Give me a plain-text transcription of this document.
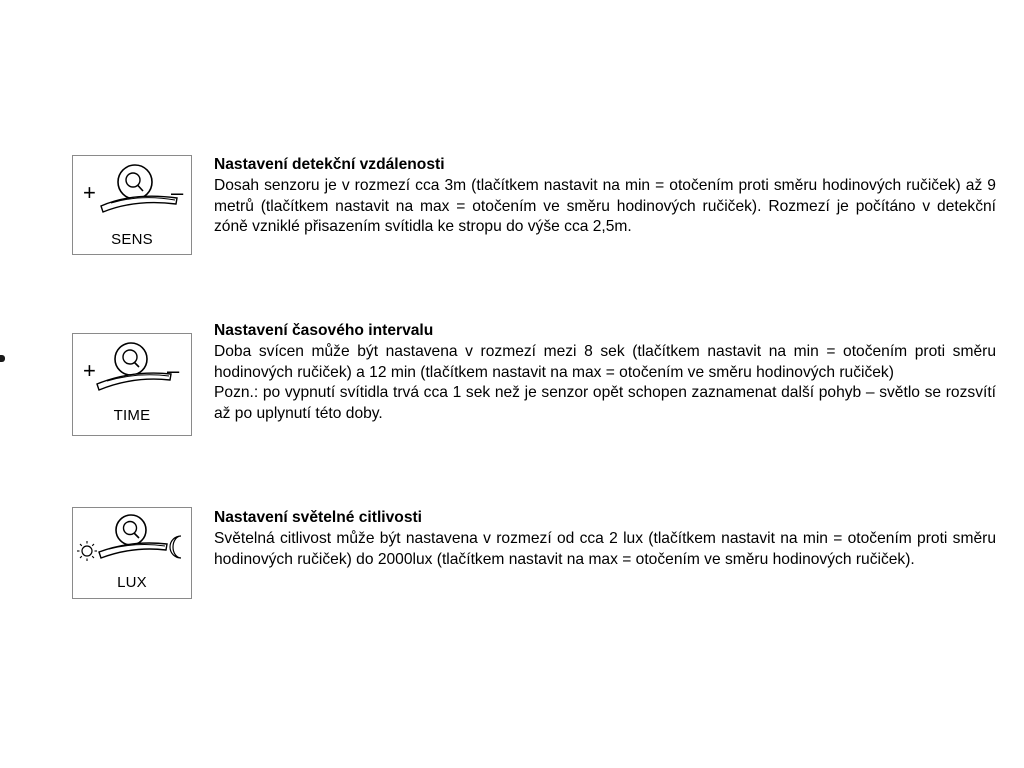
+	–
SENS

Nastavení detekční vzdálenosti

Dosah senzoru je v rozmezí cca 3m (tlačítkem nastavit na min = otočením proti směru hodinových ručiček) až 9 metrů (tlačítkem nastavit na max = otočením ve směru hodinových ručiček). Rozmezí je počítáno v detekční zóně vzniklé přisazením svítidla ke stropu do výše cca 2,5m.

+	–
TIME

Nastavení časového intervalu

Doba svícen může být nastavena v rozmezí mezi 8 sek (tlačítkem nastavit na min = otočením proti směru hodinových ručiček) a 12 min (tlačítkem nastavit na max = otočením ve směru hodinových ručiček)

Pozn.: po vypnutí svítidla trvá cca 1 sek než je senzor opět schopen zaznamenat další pohyb – světlo se rozsvítí až po uplynutí této doby.

LUX

Nastavení světelné citlivosti

Světelná citlivost může být nastavena v rozmezí od cca 2 lux (tlačítkem nastavit na min = otočením proti směru hodinových ručiček) do 2000lux (tlačítkem nastavit na max = otočením ve směru hodinových ručiček).
